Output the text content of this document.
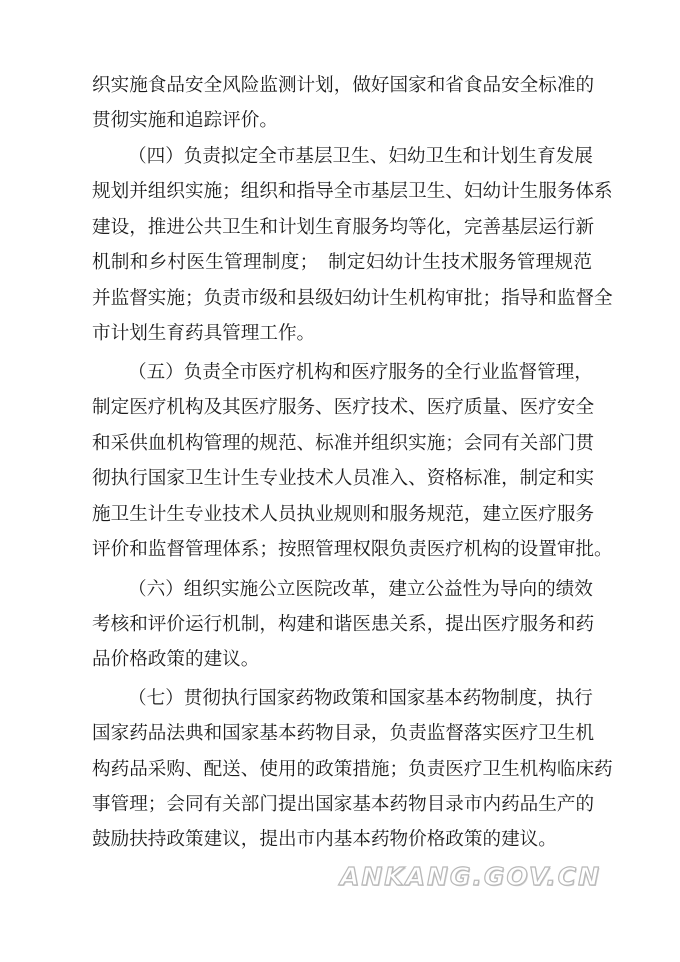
织实施食品安全风险监测计划，做好国家和省食品安全标准的
贯彻实施和追踪评价。
（四）负责拟定全市基层卫生、妇幼卫生和计划生育发展
规划并组织实施；组织和指导全市基层卫生、妇幼计生服务体系
建设，推进公共卫生和计划生育服务均等化，完善基层运行新
机制和乡村医生管理制度；　制定妇幼计生技术服务管理规范
并监督实施；负责市级和县级妇幼计生机构审批；指导和监督全
市计划生育药具管理工作。
（五）负责全市医疗机构和医疗服务的全行业监督管理，
制定医疗机构及其医疗服务、医疗技术、医疗质量、医疗安全
和采供血机构管理的规范、标准并组织实施；会同有关部门贯
彻执行国家卫生计生专业技术人员准入、资格标准，制定和实
施卫生计生专业技术人员执业规则和服务规范，建立医疗服务
评价和监督管理体系；按照管理权限负责医疗机构的设置审批。
（六）组织实施公立医院改革，建立公益性为导向的绩效
考核和评价运行机制，构建和谐医患关系，提出医疗服务和药
品价格政策的建议。
（七）贯彻执行国家药物政策和国家基本药物制度，执行
国家药品法典和国家基本药物目录，负责监督落实医疗卫生机
构药品采购、配送、使用的政策措施；负责医疗卫生机构临床药
事管理；会同有关部门提出国家基本药物目录市内药品生产的
鼓励扶持政策建议，提出市内基本药物价格政策的建议。
ANKANG.GOV.CN
